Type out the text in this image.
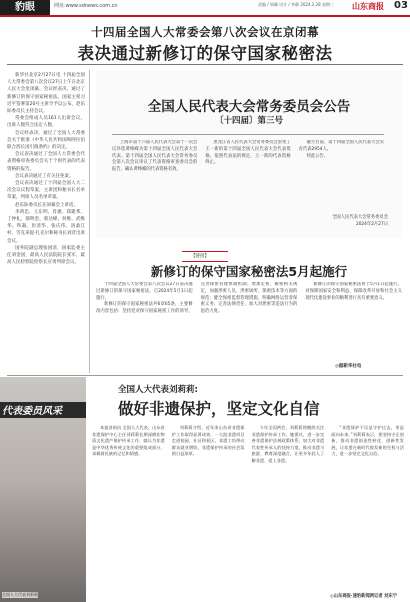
豹眼	网址:www.sdnews.com.cn	责编 / 邢璐 设计 / 李静 2024.2.28 星期三 山东商报 03
十四届全国人大常委会第八次会议在京闭幕
表决通过新修订的保守国家秘密法

新华社北京2月27日电 十四届全国人大常委会第八次会议27日上午在北京人民大会堂闭幕。会议经表决，通过了新修订的保守国家秘密法。国家主席习近平签署第20号主席令予以公布。赵乐际委员长主持会议。

常委会组成人员161人出席会议，出席人数符合法定人数。

会议经表决，通过了全国人大常委会关于批准《中华人民共和国和阿拉伯联合酋长国引渡条约》的决定。

会议表决通过了全国人大常委会代表资格审查委员会关于个别代表的代表资格的报告。

会议表决通过了有关任免案。

会议表决通过了十四届全国人大二次会议议程草案，主席团和秘书长名单草案，列席人员名单草案。

赵乐际委员长在闭幕会上讲话。

李鸿忠、王东明、肖捷、郑建邦、丁仲礼、郝明金、蔡达峰、何维、武维华、铁凝、彭清华、张庆伟、洛桑江村、雪克来提·扎克尔和秘书长刘奇出席会议。

国务院副总理张国清，国家监委主任刘金国，最高人民法院院长张军，最高人民检察院检察长应勇列席会议。

全国人民代表大会常务委员会公告
〔十四届〕第三号

上海市第十六届人民代表大会第十一次会议补选黄峥嵘为第十四届全国人民代表大会代表。第十四届全国人民代表大会常务委员会第八次会议审议了代表资格审查委员会的报告，确认黄峥嵘的代表资格有效。

黑龙江省人民代表大会常务委员会罢免了王一新的第十四届全国人民代表大会代表资格。依照代表法的规定，王一新的代表资格终止。

截至目前，第十四届全国人民代表大会实有代表2954人。

特此公告。

全国人民代表大会常务委员会
2024年2月27日
【链接】
新修订的保守国家秘密法5月起施行

十四届全国人大常委会第八次会议27日表决通过新修订的保守国家秘密法，自2024年5月1日起施行。

新修订的保守国家秘密法共6章65条，主要修改内容包括：坚持党对保守国家秘密工作的领导，完善保密管理体制机制；增加定密、解密相关规定，加强涉密人员、涉密场所、保密技术等方面的规范；健全保密监督管理措施，明确网络运营者保密义务；完善法律责任，加大对泄密等违法行为的惩治力度。

新修订的保守国家秘密法将于5月1日起施行，对保障国家安全和利益、保障改革开放和社会主义现代化建设事业的顺利进行具有重要意义。

◎据新华社电
代表委员风采
全国人大代表刘莉莉
全国人大代表刘莉莉:
做好非遗保护，坚定文化自信

本报济南讯 全国人大代表、山东省非遗保护中心主任刘莉莉长期深耕非物质文化遗产保护传承工作，她认为非遗是中华优秀传统文化的重要组成部分，承载着民族的记忆和情感。

刘莉莉介绍，近年来山东省非遗保护工作取得显著成效，一大批非遗项目走进校园、社区和景区，非遗工坊带动群众就业增收，非遗保护传承的社会氛围日益浓厚。

今年全国两会，刘莉莉将继续关注非遗保护传承工作。她建议，进一步完善非遗保护法规政策体系，加大对非遗代表性传承人的扶持力度，推动非遗与旅游、教育深度融合，让更多年轻人了解非遗、爱上非遗。

“非遗保护不仅是守护过去，更是面向未来。”刘莉莉表示，要坚持守正创新，推动非遗创造性转化、创新性发展，让非遗在新时代焕发新的生机与活力，进一步坚定文化自信。

◎山东商报·速豹新闻网记者 刘东宁
